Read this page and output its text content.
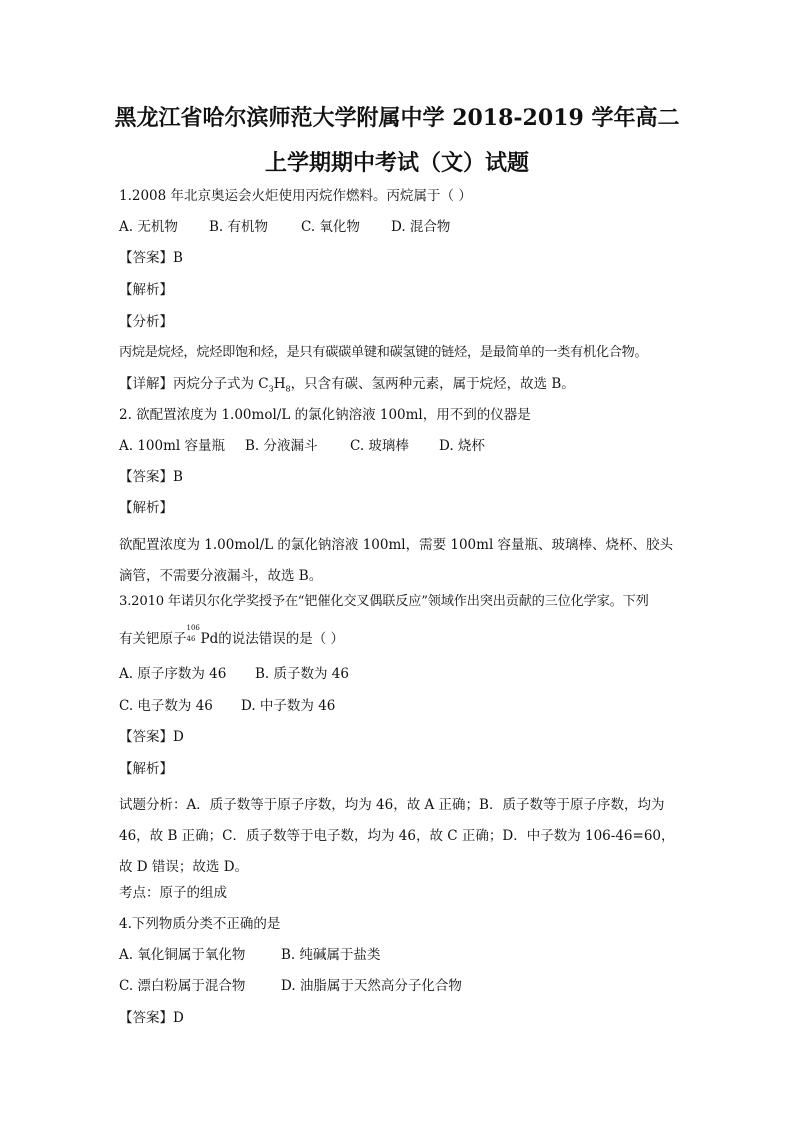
黑龙江省哈尔滨师范大学附属中学 2018-2019 学年高二
上学期期中考试（文）试题
1.2008 年北京奥运会火炬使用丙烷作燃料。丙烷属于（ ）
A. 无机物 B. 有机物 C. 氧化物 D. 混合物
【答案】B
【解析】
【分析】
丙烷是烷烃，烷烃即饱和烃，是只有碳碳单键和碳氢键的链烃，是最简单的一类有机化合物。
【详解】丙烷分子式为 $C_3H_8$，只含有碳、氢两种元素，属于烷烃，故选 B。
2. 欲配置浓度为 1.00mol/L 的氯化钠溶液 100ml，用不到的仪器是
A. 100ml 容量瓶 B. 分液漏斗 C. 玻璃棒 D. 烧杯
【答案】B
【解析】
欲配置浓度为 1.00mol/L 的氯化钠溶液 100ml，需要 100ml 容量瓶、玻璃棒、烧杯、胶头滴管，不需要分液漏斗，故选 B。
3.2010 年诺贝尔化学奖授予在“钯催化交叉偶联反应”领域作出突出贡献的三位化学家。下列
有关钯原子
106
46 Pd的说法错误的是（ ）
A. 原子序数为 46 B. 质子数为 46
C. 电子数为 46 D. 中子数为 46
【答案】D
【解析】
试题分析：A．质子数等于原子序数，均为 46，故 A 正确；B．质子数等于原子序数，均为 46，故 B 正确；C．质子数等于电子数，均为 46，故 C 正确；D．中子数为 106-46=60，故 D 错误；故选 D。
考点：原子的组成
4.下列物质分类不正确的是
A. 氧化铜属于氧化物	B. 纯碱属于盐类
C. 漂白粉属于混合物	D. 油脂属于天然高分子化合物
【答案】D
